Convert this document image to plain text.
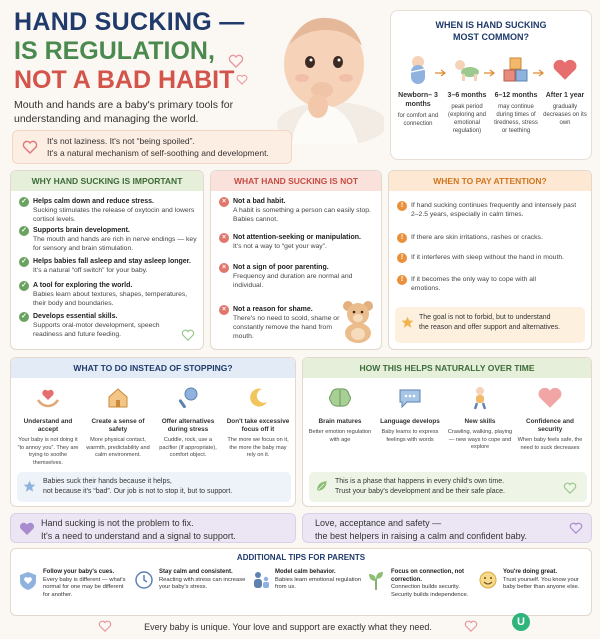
HAND SUCKING —
IS REGULATION,
NOT A BAD HABIT
Mouth and hands are a baby's primary tools for understanding and managing the world.
It's not laziness. It's not “being spoiled”.
It's a natural mechanism of self-soothing and development.
WHEN IS HAND SUCKING MOST COMMON?
Newborn– 3 months
for comfort and connection
3–6 months
peak period (exploring and emotional regulation)
6–12 months
may continue during times of tiredness, stress or teething
After 1 year
gradually decreases on its own
WHY HAND SUCKING IS IMPORTANT
✓ Helps calm down and reduce stress.
Sucking stimulates the release of oxytocin and lowers cortisol levels.
✓ Supports brain development.
The mouth and hands are rich in nerve endings — key for sensory and brain stimulation.
✓ Helps babies fall asleep and stay asleep longer.
It's a natural “off switch” for your baby.
✓ A tool for exploring the world.
Babies learn about textures, shapes, temperatures, their body and boundaries.
✓ Develops essential skills.
Supports oral-motor development, speech readiness and future feeding.
WHAT HAND SUCKING IS NOT
× Not a bad habit.
A habit is something a person can easily stop. Babies cannot.
× Not attention-seeking or manipulation.
It's not a way to “get your way”.
× Not a sign of poor parenting.
Frequency and duration are normal and individual.
× Not a reason for shame.
There's no need to scold, shame or constantly remove the hand from mouth.
WHEN TO PAY ATTENTION?
!	If hand sucking continues frequently and intensely past 2–2.5 years, especially in calm times.
!	If there are skin irritations, rashes or cracks.
!	If it interferes with sleep without the hand in mouth.
!	If it becomes the only way to cope with all emotions.
The goal is not to forbid, but to understand
the reason and offer support and alternatives.
WHAT TO DO INSTEAD OF STOPPING?
Understand and accept
Your baby is not doing it “to annoy you”. They are trying to soothe themselves.
Create a sense of safety
More physical contact, warmth, predictability and calm environment.
Offer alternatives during stress
Cuddle, rock, use a pacifier (if appropriate), comfort object.
Don't take excessive focus off it
The more we focus on it, the more the baby may rely on it.
Babies suck their hands because it helps,
not because it's “bad”. Our job is not to stop it, but to support.
HOW THIS HELPS NATURALLY OVER TIME
Brain matures
Better emotion regulation with age
Language develops
Baby learns to express feelings with words
New skills
Crawling, walking, playing — new ways to cope and explore
Confidence and security
When baby feels safe, the need to suck decreases
This is a phase that happens in every child's own time.
Trust your baby's development and be their safe place.
Hand sucking is not the problem to fix.
It's a need to understand and a signal to support.
Love, acceptance and safety —
the best helpers in raising a calm and confident baby.
ADDITIONAL TIPS FOR PARENTS
Follow your baby's cues.
Every baby is different — what's normal for one may be different for another.
Stay calm and consistent.
Reacting with stress can increase your baby's stress.
Model calm behavior.
Babies learn emotional regulation from us.
Focus on connection, not correction.
Connection builds security. Security builds independence.
You're doing great.
Trust yourself. You know your baby better than anyone else.
Every baby is unique. Your love and support are exactly what they need.	U
